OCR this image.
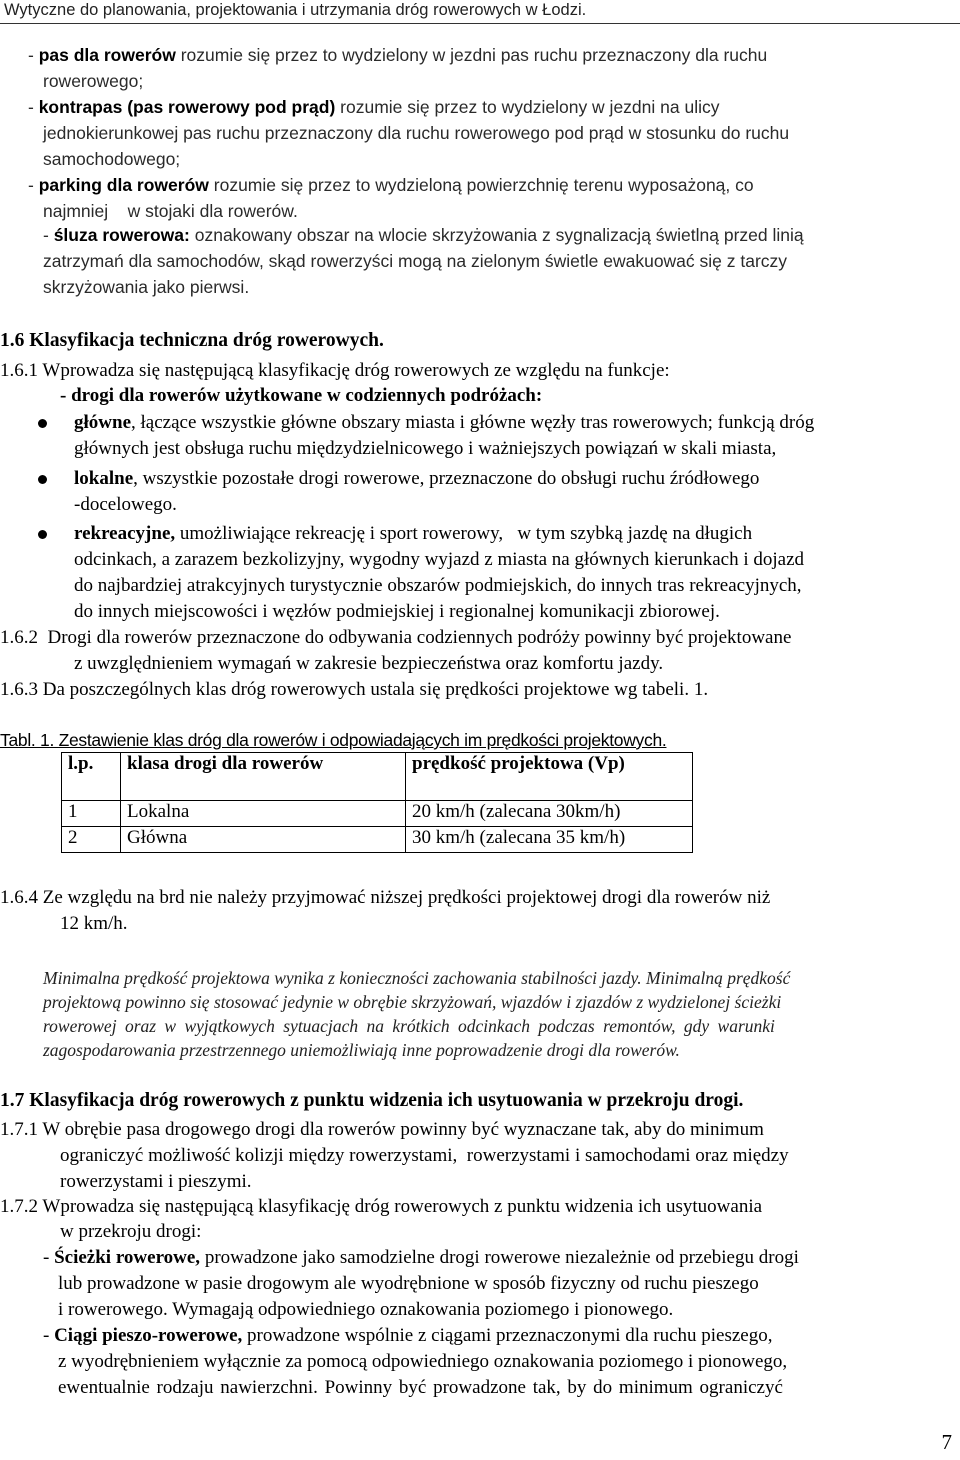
Wytyczne do planowania, projektowania i utrzymania dróg rowerowych w Łodzi.
- pas dla rowerów rozumie się przez to wydzielony w jezdni pas ruchu przeznaczony dla ruchu
rowerowego;
- kontrapas (pas rowerowy pod prąd) rozumie się przez to wydzielony w jezdni na ulicy
jednokierunkowej pas ruchu przeznaczony dla ruchu rowerowego pod prąd w stosunku do ruchu
samochodowego;
- parking dla rowerów rozumie się przez to wydzieloną powierzchnię terenu wyposażoną, co
najmniej    w stojaki dla rowerów.
- śluza rowerowa: oznakowany obszar na wlocie skrzyżowania z sygnalizacją świetlną przed linią
zatrzymań dla samochodów, skąd rowerzyści mogą na zielonym świetle ewakuować się z tarczy
skrzyżowania jako pierwsi.
1.6 Klasyfikacja techniczna dróg rowerowych.
1.6.1 Wprowadza się następującą klasyfikację dróg rowerowych ze względu na funkcje:
- drogi dla rowerów użytkowane w codziennych podróżach:
główne, łączące wszystkie główne obszary miasta i główne węzły tras rowerowych; funkcją dróg
głównych jest obsługa ruchu międzydzielnicowego i ważniejszych powiązań w skali miasta,
lokalne, wszystkie pozostałe drogi rowerowe, przeznaczone do obsługi ruchu źródłowego
-docelowego.
rekreacyjne, umożliwiające rekreację i sport rowerowy,   w tym szybką jazdę na długich
odcinkach, a zarazem bezkolizyjny, wygodny wyjazd z miasta na głównych kierunkach i dojazd
do najbardziej atrakcyjnych turystycznie obszarów podmiejskich, do innych tras rekreacyjnych,
do innych miejscowości i węzłów podmiejskiej i regionalnej komunikacji zbiorowej.
1.6.2 Drogi dla rowerów przeznaczone do odbywania codziennych podróży powinny być projektowane
z uwzględnieniem wymagań w zakresie bezpieczeństwa oraz komfortu jazdy.
1.6.3 Da poszczególnych klas dróg rowerowych ustala się prędkości projektowe wg tabeli. 1.
Tabl. 1. Zestawienie klas dróg dla rowerów i odpowiadających im prędkości projektowych.
l.p.	klasa drogi dla rowerów	prędkość projektowa (Vp)
1	Lokalna	20 km/h (zalecana 30km/h)
2	Główna	30 km/h (zalecana 35 km/h)
1.6.4 Ze względu na brd nie należy przyjmować niższej prędkości projektowej drogi dla rowerów niż
12 km/h.
Minimalna prędkość projektowa wynika z konieczności zachowania stabilności jazdy. Minimalną prędkość
projektową powinno się stosować jedynie w obrębie skrzyżowań, wjazdów i zjazdów z wydzielonej ścieżki
rowerowej oraz w wyjątkowych sytuacjach na krótkich odcinkach podczas remontów, gdy warunki
zagospodarowania przestrzennego uniemożliwiają inne poprowadzenie drogi dla rowerów.
1.7 Klasyfikacja dróg rowerowych z punktu widzenia ich usytuowania w przekroju drogi.
1.7.1 W obrębie pasa drogowego drogi dla rowerów powinny być wyznaczane tak, aby do minimum
ograniczyć możliwość kolizji między rowerzystami,  rowerzystami i samochodami oraz między
rowerzystami i pieszymi.
1.7.2 Wprowadza się następującą klasyfikację dróg rowerowych z punktu widzenia ich usytuowania
w przekroju drogi:
- Ścieżki rowerowe, prowadzone jako samodzielne drogi rowerowe niezależnie od przebiegu drogi
lub prowadzone w pasie drogowym ale wyodrębnione w sposób fizyczny od ruchu pieszego
i rowerowego. Wymagają odpowiedniego oznakowania poziomego i pionowego.
- Ciągi pieszo-rowerowe, prowadzone wspólnie z ciągami przeznaczonymi dla ruchu pieszego,
z wyodrębnieniem wyłącznie za pomocą odpowiedniego oznakowania poziomego i pionowego,
ewentualnie rodzaju nawierzchni. Powinny być prowadzone tak, by do minimum ograniczyć
7
